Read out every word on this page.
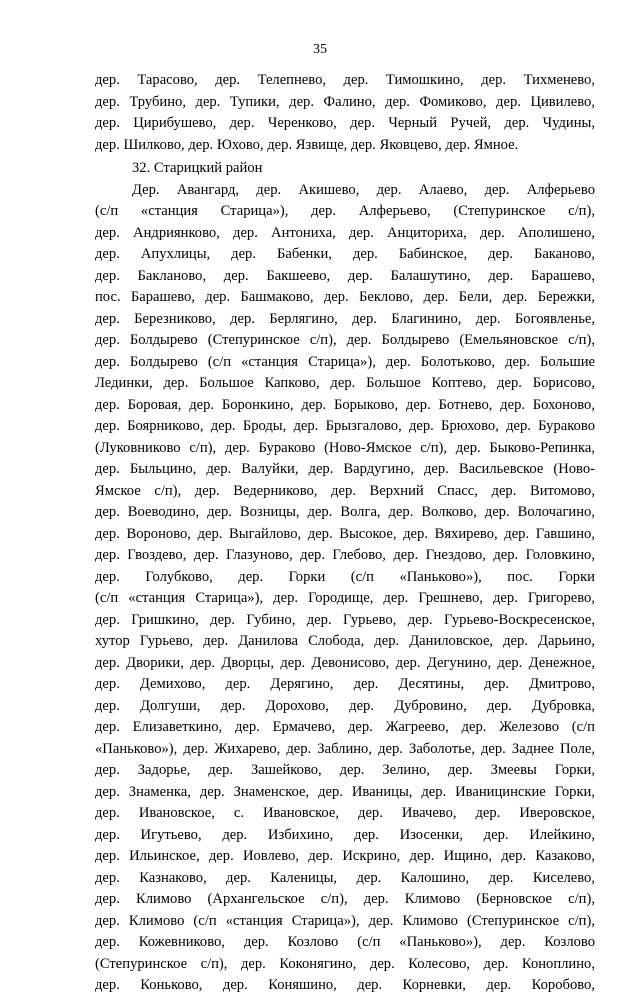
35
дер. Тарасово, дер. Телепнево, дер. Тимошкино, дер. Тихменево,
дер. Трубино, дер. Тупики, дер. Фалино, дер. Фомиково, дер. Цивилево,
дер. Цирибушево, дер. Черенково, дер. Черный Ручей, дер. Чудины,
дер. Шилково, дер. Юхово, дер. Язвище, дер. Яковцево, дер. Ямное.
32. Старицкий район
Дер. Авангард, дер. Акишево, дер. Алаево, дер. Алферьево
(с/п «станция Старица»), дер. Алферьево, (Степуринское с/п),
дер. Андриянково, дер. Антониха, дер. Анциториха, дер. Аполишено,
дер. Апухлицы, дер. Бабенки, дер. Бабинское, дер. Баканово,
дер. Бакланово, дер. Бакшеево, дер. Балашутино, дер. Барашево,
пос. Барашево, дер. Башмаково, дер. Беклово, дер. Бели, дер. Бережки,
дер. Березниково, дер. Берлягино, дер. Благинино, дер. Богоявленье,
дер. Болдырево (Степуринское с/п), дер. Болдырево (Емельяновское с/п),
дер. Болдырево (с/п «станция Старица»), дер. Болотьково, дер. Большие
Лединки, дер. Большое Капково, дер. Большое Коптево, дер. Борисово,
дер. Боровая, дер. Боронкино, дер. Борыково, дер. Ботнево, дер. Бохоново,
дер. Боярниково, дер. Броды, дер. Брызгалово, дер. Брюхово, дер. Бураково
(Луковниково с/п), дер. Бураково (Ново-Ямское с/п), дер. Быково-Репинка,
дер. Быльцино, дер. Валуйки, дер. Вардугино, дер. Васильевское (Ново-
Ямское с/п), дер. Ведерниково, дер. Верхний Спасс, дер. Витомово,
дер. Воеводино, дер. Возницы, дер. Волга, дер. Волково, дер. Волочагино,
дер. Вороново, дер. Выгайлово, дер. Высокое, дер. Вяхирево, дер. Гавшино,
дер. Гвоздево, дер. Глазуново, дер. Глебово, дер. Гнездово, дер. Головкино,
дер. Голубково, дер. Горки (с/п «Паньково»), пос. Горки
(с/п «станция Старица»), дер. Городище, дер. Грешнево, дер. Григорево,
дер. Гришкино, дер. Губино, дер. Гурьево, дер. Гурьево-Воскресенское,
хутор Гурьево, дер. Данилова Слобода, дер. Даниловское, дер. Дарьино,
дер. Дворики, дер. Дворцы, дер. Девонисово, дер. Дегунино, дер. Денежное,
дер. Демихово, дер. Дерягино, дер. Десятины, дер. Дмитрово,
дер. Долгуши, дер. Дорохово, дер. Дубровино, дер. Дубровка,
дер. Елизаветкино, дер. Ермачево, дер. Жагреево, дер. Железово (с/п
«Паньково»), дер. Жихарево, дер. Заблино, дер. Заболотье, дер. Заднее Поле,
дер. Задорье, дер. Зашейково, дер. Зелино, дер. Змеевы Горки,
дер. Знаменка, дер. Знаменское, дер. Иваницы, дер. Иваницинские Горки,
дер. Ивановское, с. Ивановское, дер. Ивачево, дер. Иверовское,
дер. Игутьево, дер. Избихино, дер. Изосенки, дер. Илейкино,
дер. Ильинское, дер. Иовлево, дер. Искрино, дер. Ищино, дер. Казаково,
дер. Казнаково, дер. Каленицы, дер. Калошино, дер. Киселево,
дер. Климово (Архангельское с/п), дер. Климово (Берновское с/п),
дер. Климово (с/п «станция Старица»), дер. Климово (Степуринское с/п),
дер. Кожевниково, дер. Козлово (с/п «Паньково»), дер. Козлово
(Степуринское с/п), дер. Коконягино, дер. Колесово, дер. Коноплино,
дер. Коньково, дер. Коняшино, дер. Корневки, дер. Коробово,
